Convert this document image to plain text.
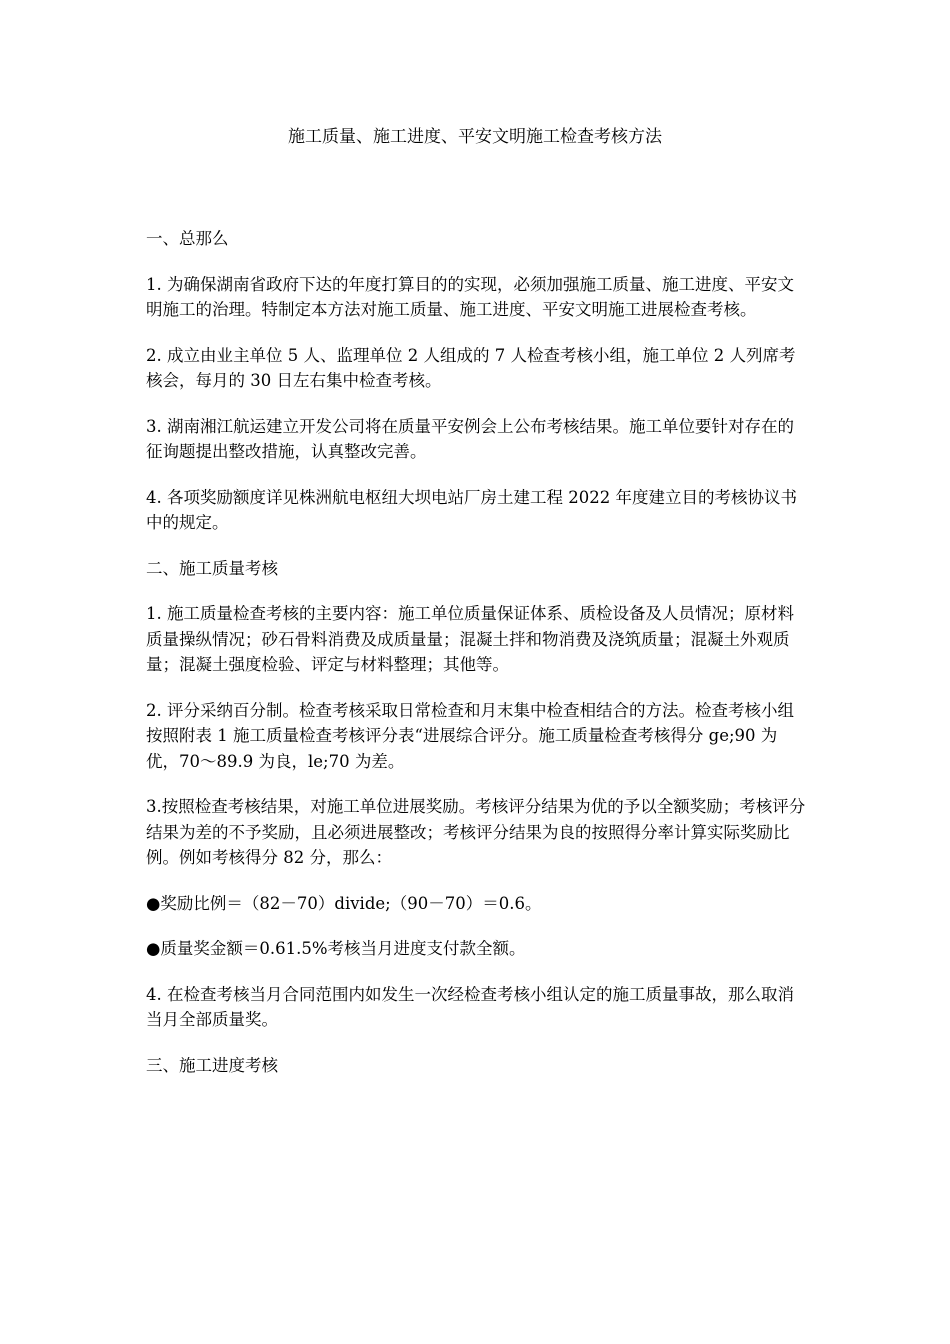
施工质量、施工进度、平安文明施工检查考核方法

一、总那么

1. 为确保湖南省政府下达的年度打算目的的实现，必须加强施工质量、施工进度、平安文明施工的治理。特制定本方法对施工质量、施工进度、平安文明施工进展检查考核。

2. 成立由业主单位 5 人、监理单位 2 人组成的 7 人检查考核小组，施工单位 2 人列席考核会，每月的 30 日左右集中检查考核。

3. 湖南湘江航运建立开发公司将在质量平安例会上公布考核结果。施工单位要针对存在的征询题提出整改措施，认真整改完善。

4. 各项奖励额度详见株洲航电枢纽大坝电站厂房土建工程 2022 年度建立目的考核协议书中的规定。

二、施工质量考核

1. 施工质量检查考核的主要内容：施工单位质量保证体系、质检设备及人员情况；原材料质量操纵情况；砂石骨料消费及成质量量；混凝土拌和物消费及浇筑质量；混凝土外观质量；混凝土强度检验、评定与材料整理；其他等。

2. 评分采纳百分制。检查考核采取日常检查和月末集中检查相结合的方法。检查考核小组按照附表 1 施工质量检查考核评分表“进展综合评分。施工质量检查考核得分 ge;90 为优，70～89.9 为良，le;70 为差。

3.按照检查考核结果，对施工单位进展奖励。考核评分结果为优的予以全额奖励；考核评分结果为差的不予奖励，且必须进展整改；考核评分结果为良的按照得分率计算实际奖励比例。例如考核得分 82 分，那么：

●奖励比例＝（82－70）divide;（90－70）＝0.6。

●质量奖金额＝0.61.5%考核当月进度支付款全额。

4. 在检查考核当月合同范围内如发生一次经检查考核小组认定的施工质量事故，那么取消当月全部质量奖。

三、施工进度考核
